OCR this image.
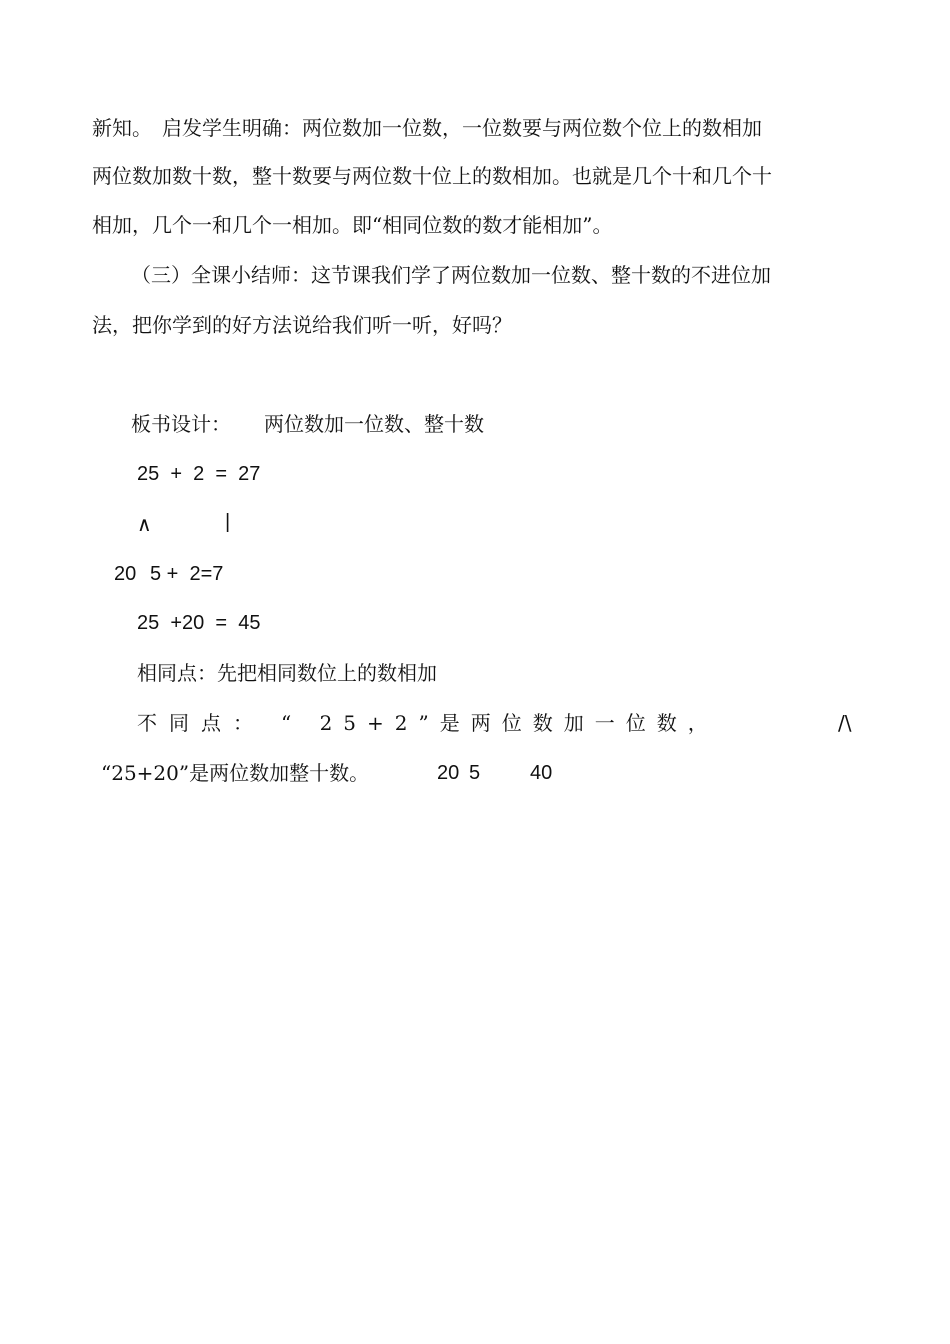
新知。　启发学生明确：两位数加一位数，一位数要与两位数个位上的数相加
两位数加数十数，整十数要与两位数十位上的数相加。也就是几个十和几个十
相加，几个一和几个一相加。即“相同位数的数才能相加”。
（三）全课小结师：这节课我们学了两位数加一位数、整十数的不进位加
法，把你学到的好方法说给我们听一听，好吗？
板书设计： 两位数加一位数、整十数
25  +  2  =  27
∧	|
20 5 +  2=7
25  +20  =  45
相同点：先把相同数位上的数相加
不同点： “ 25+2”是两位数加一位数，	/\
“25+20”是两位数加整十数。	20 5 40
